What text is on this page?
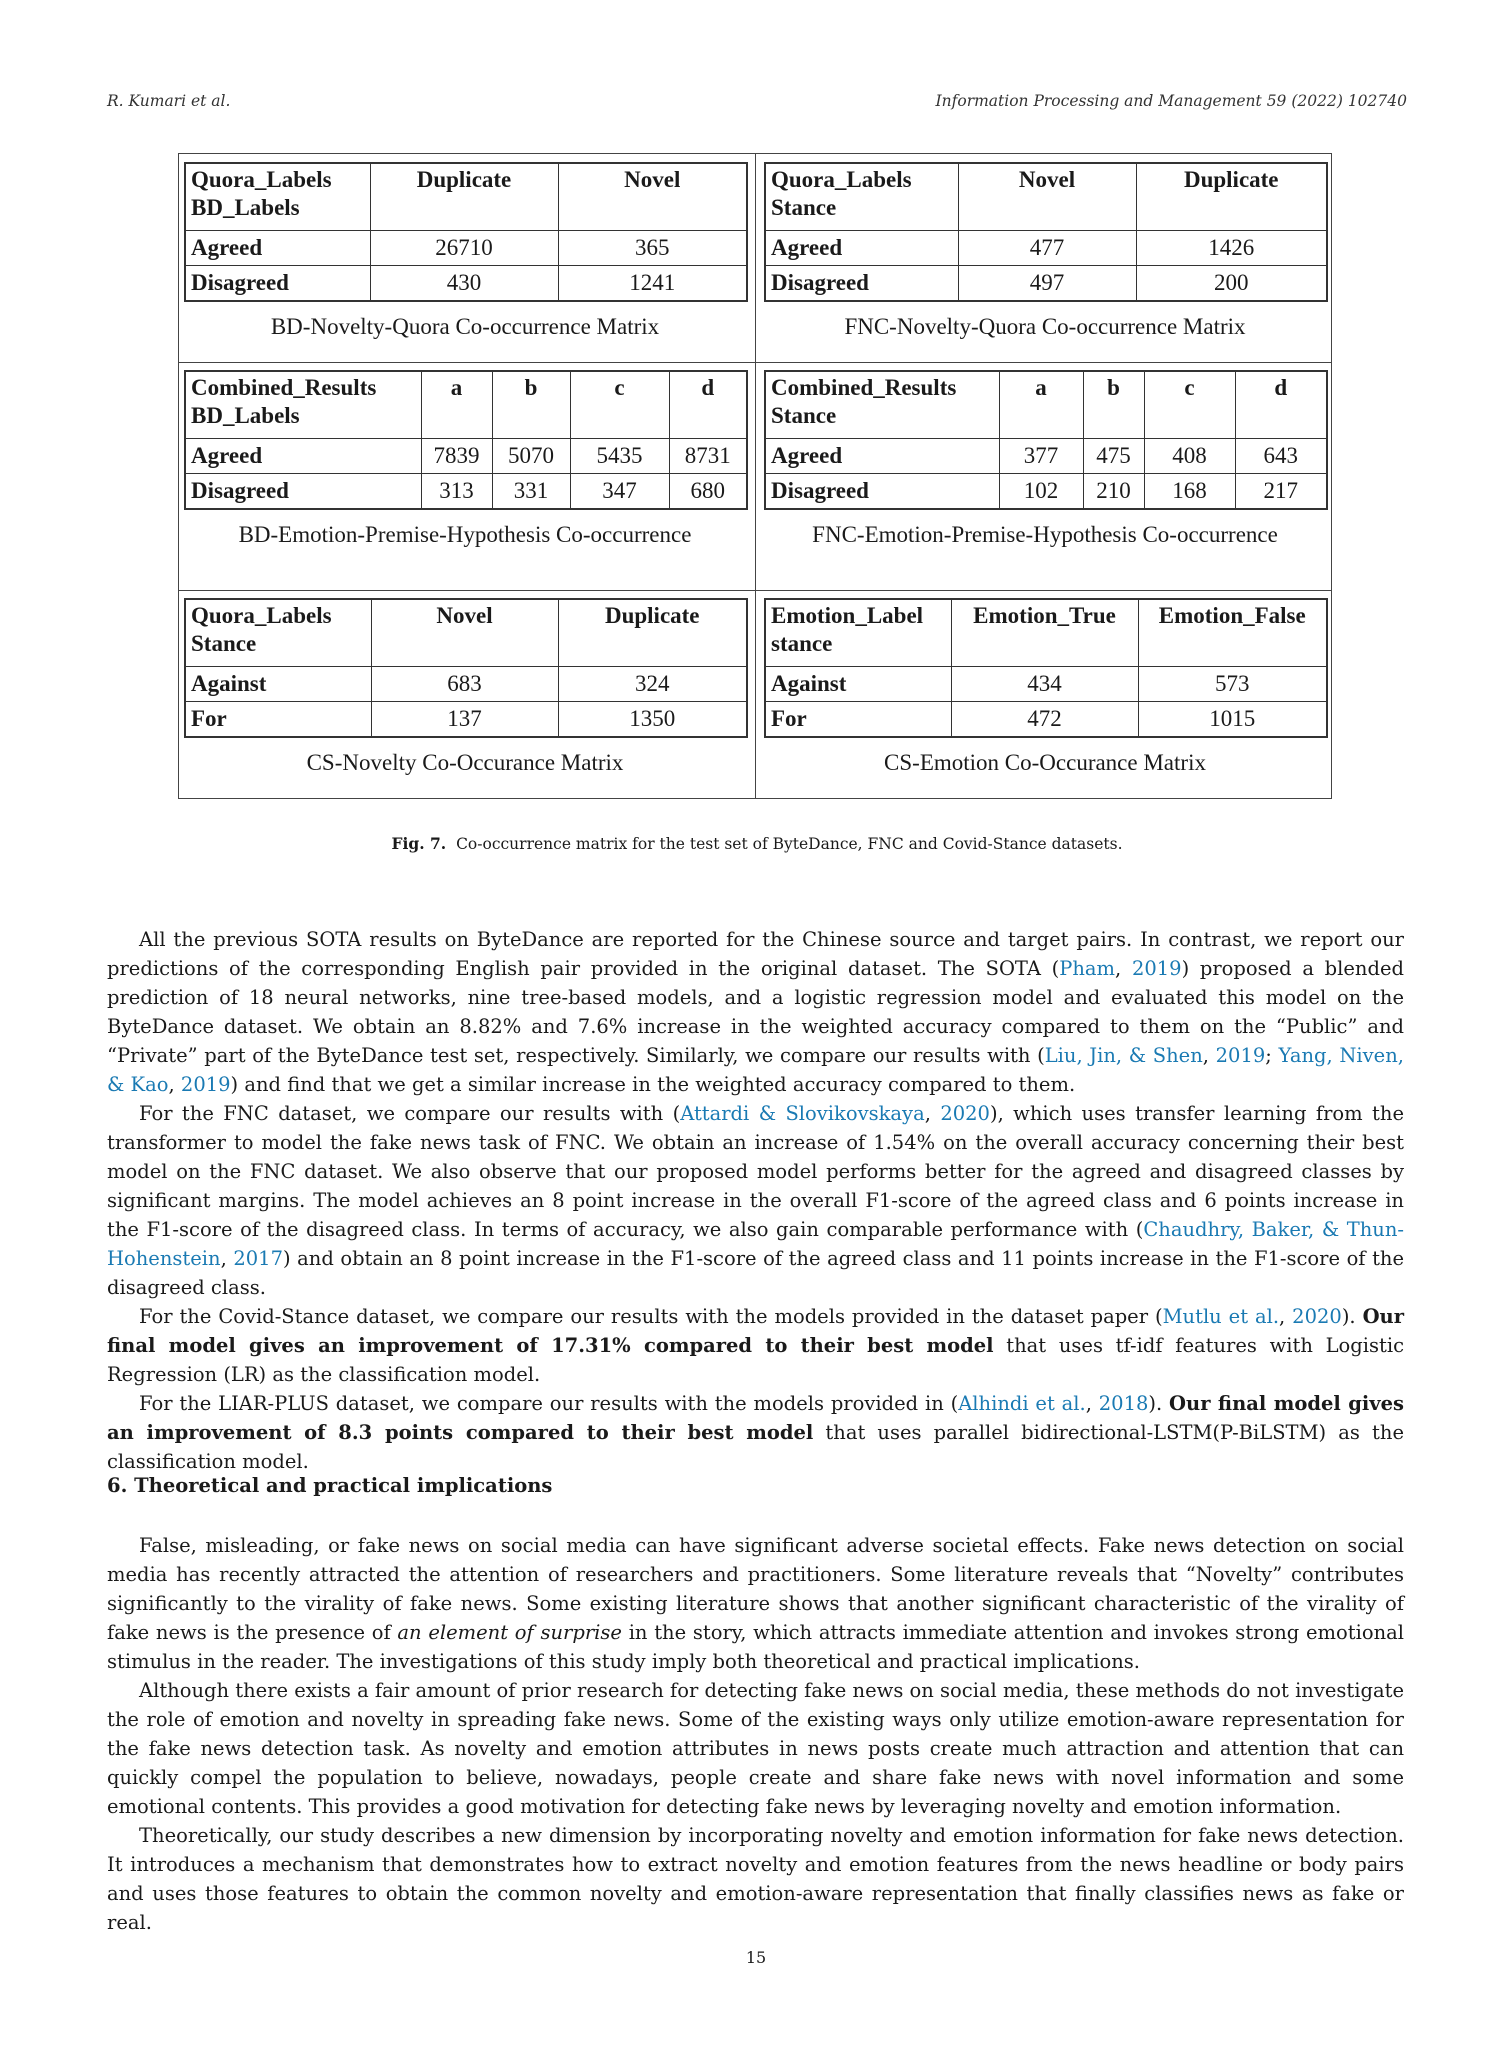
R. Kumari et al.	Information Processing and Management 59 (2022) 102740
Quora_Labels
BD_Labels	Duplicate	Novel
Agreed	26710	365
Disagreed	430	1241
BD-Novelty-Quora Co-occurrence Matrix
Quora_Labels
Stance	Novel	Duplicate
Agreed	477	1426
Disagreed	497	200
FNC-Novelty-Quora Co-occurrence Matrix
Combined_Results
BD_Labels	a	b	c	d
Agreed	7839	5070	5435	8731
Disagreed	313	331	347	680
BD-Emotion-Premise-Hypothesis Co-occurrence
Combined_Results
Stance	a	b	c	d
Agreed	377	475	408	643
Disagreed	102	210	168	217
FNC-Emotion-Premise-Hypothesis Co-occurrence
Quora_Labels
Stance	Novel	Duplicate
Against	683	324
For	137	1350
CS-Novelty Co-Occurance Matrix
Emotion_Label
stance	Emotion_True	Emotion_False
Against	434	573
For	472	1015
CS-Emotion Co-Occurance Matrix
Fig. 7. Co-occurrence matrix for the test set of ByteDance, FNC and Covid-Stance datasets.

All the previous SOTA results on ByteDance are reported for the Chinese source and target pairs. In contrast, we report our predictions of the corresponding English pair provided in the original dataset. The SOTA (Pham, 2019) proposed a blended prediction of 18 neural networks, nine tree-based models, and a logistic regression model and evaluated this model on the ByteDance dataset. We obtain an 8.82% and 7.6% increase in the weighted accuracy compared to them on the “Public” and “Private” part of the ByteDance test set, respectively. Similarly, we compare our results with (Liu, Jin, & Shen, 2019; Yang, Niven, & Kao, 2019) and find that we get a similar increase in the weighted accuracy compared to them.

For the FNC dataset, we compare our results with (Attardi & Slovikovskaya, 2020), which uses transfer learning from the transformer to model the fake news task of FNC. We obtain an increase of 1.54% on the overall accuracy concerning their best model on the FNC dataset. We also observe that our proposed model performs better for the agreed and disagreed classes by significant margins. The model achieves an 8 point increase in the overall F1-score of the agreed class and 6 points increase in the F1-score of the disagreed class. In terms of accuracy, we also gain comparable performance with (Chaudhry, Baker, & Thun-Hohenstein, 2017) and obtain an 8 point increase in the F1-score of the agreed class and 11 points increase in the F1-score of the disagreed class.

For the Covid-Stance dataset, we compare our results with the models provided in the dataset paper (Mutlu et al., 2020). Our final model gives an improvement of 17.31% compared to their best model that uses tf-idf features with Logistic Regression (LR) as the classification model.

For the LIAR-PLUS dataset, we compare our results with the models provided in (Alhindi et al., 2018). Our final model gives an improvement of 8.3 points compared to their best model that uses parallel bidirectional-LSTM(P-BiLSTM) as the classification model.

6. Theoretical and practical implications

False, misleading, or fake news on social media can have significant adverse societal effects. Fake news detection on social media has recently attracted the attention of researchers and practitioners. Some literature reveals that “Novelty” contributes significantly to the virality of fake news. Some existing literature shows that another significant characteristic of the virality of fake news is the presence of an element of surprise in the story, which attracts immediate attention and invokes strong emotional stimulus in the reader. The investigations of this study imply both theoretical and practical implications.

Although there exists a fair amount of prior research for detecting fake news on social media, these methods do not investigate the role of emotion and novelty in spreading fake news. Some of the existing ways only utilize emotion-aware representation for the fake news detection task. As novelty and emotion attributes in news posts create much attraction and attention that can quickly compel the population to believe, nowadays, people create and share fake news with novel information and some emotional contents. This provides a good motivation for detecting fake news by leveraging novelty and emotion information.

Theoretically, our study describes a new dimension by incorporating novelty and emotion information for fake news detection. It introduces a mechanism that demonstrates how to extract novelty and emotion features from the news headline or body pairs and uses those features to obtain the common novelty and emotion-aware representation that finally classifies news as fake or real.

15
